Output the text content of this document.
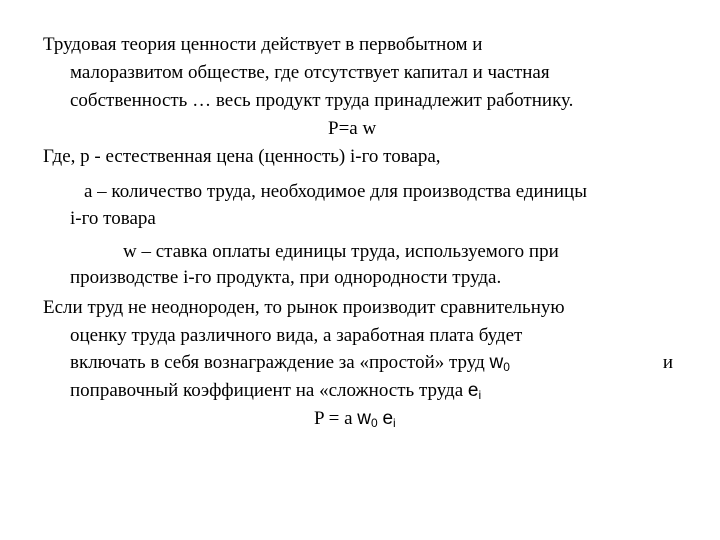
Трудовая теория ценности действует в первобытном и
малоразвитом обществе, где отсутствует капитал и частная
собственность … весь продукт труда принадлежит работнику.
P=a w
Где, p - естественная цена (ценность) i-го товара,
a – количество труда, необходимое для производства единицы
i-го товара
w – ставка оплаты единицы труда, используемого при
производстве i-го продукта, при однородности труда.
Если труд не неоднороден, то рынок производит сравнительную
оценку труда различного вида, а заработная плата будет
включать в себя вознаграждение за «простой» труд $w_0$	и
поправочный коэффициент на «сложность труда $e_i$
P = a $w_0$ $e_i$
